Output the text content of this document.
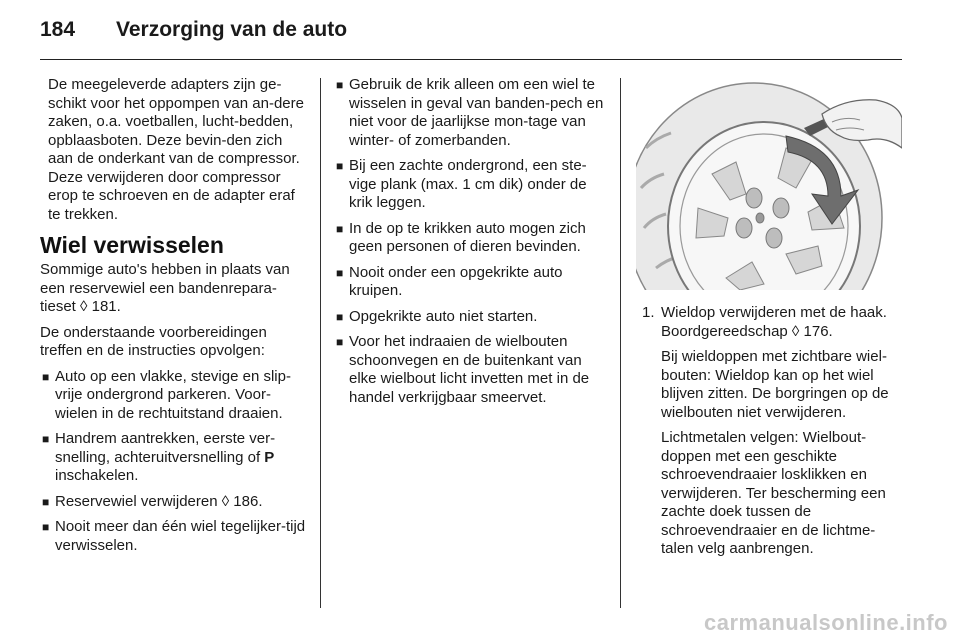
184 Verzorging van de auto

De meegeleverde adapters zijn ge-schikt voor het oppompen van an-dere zaken, o.a. voetballen, lucht-bedden, opblaasboten. Deze bevin-den zich aan de onderkant van de compressor. Deze verwijderen door compressor erop te schroeven en de adapter eraf te trekken.

Wiel verwisselen

Sommige auto's hebben in plaats van een reservewiel een bandenrepara-tieset ◊ 181.

De onderstaande voorbereidingen treffen en de instructies opvolgen:

■ Auto op een vlakke, stevige en slip-vrije ondergrond parkeren. Voor-wielen in de rechtuitstand draaien.
■ Handrem aantrekken, eerste ver-snelling, achteruitversnelling of P inschakelen.
■ Reservewiel verwijderen ◊ 186.
■ Nooit meer dan één wiel tegelijker-tijd verwisselen.
■ Gebruik de krik alleen om een wiel te wisselen in geval van banden-pech en niet voor de jaarlijkse mon-tage van winter- of zomerbanden.
■ Bij een zachte ondergrond, een ste-vige plank (max. 1 cm dik) onder de krik leggen.
■ In de op te krikken auto mogen zich geen personen of dieren bevinden.
■ Nooit onder een opgekrikte auto kruipen.
■ Opgekrikte auto niet starten.
■ Voor het indraaien de wielbouten schoonvegen en de buitenkant van elke wielbout licht invetten met in de handel verkrijgbaar smeervet.
1. Wieldop verwijderen met de haak. Boordgereedschap ◊ 176.

Bij wieldoppen met zichtbare wiel-bouten: Wieldop kan op het wiel blijven zitten. De borgringen op de wielbouten niet verwijderen.

Lichtmetalen velgen: Wielbout-doppen met een geschikte schroevendraaier losklikken en verwijderen. Ter bescherming een zachte doek tussen de schroevendraaier en de lichtme-talen velg aanbrengen.

carmanualsonline.info
